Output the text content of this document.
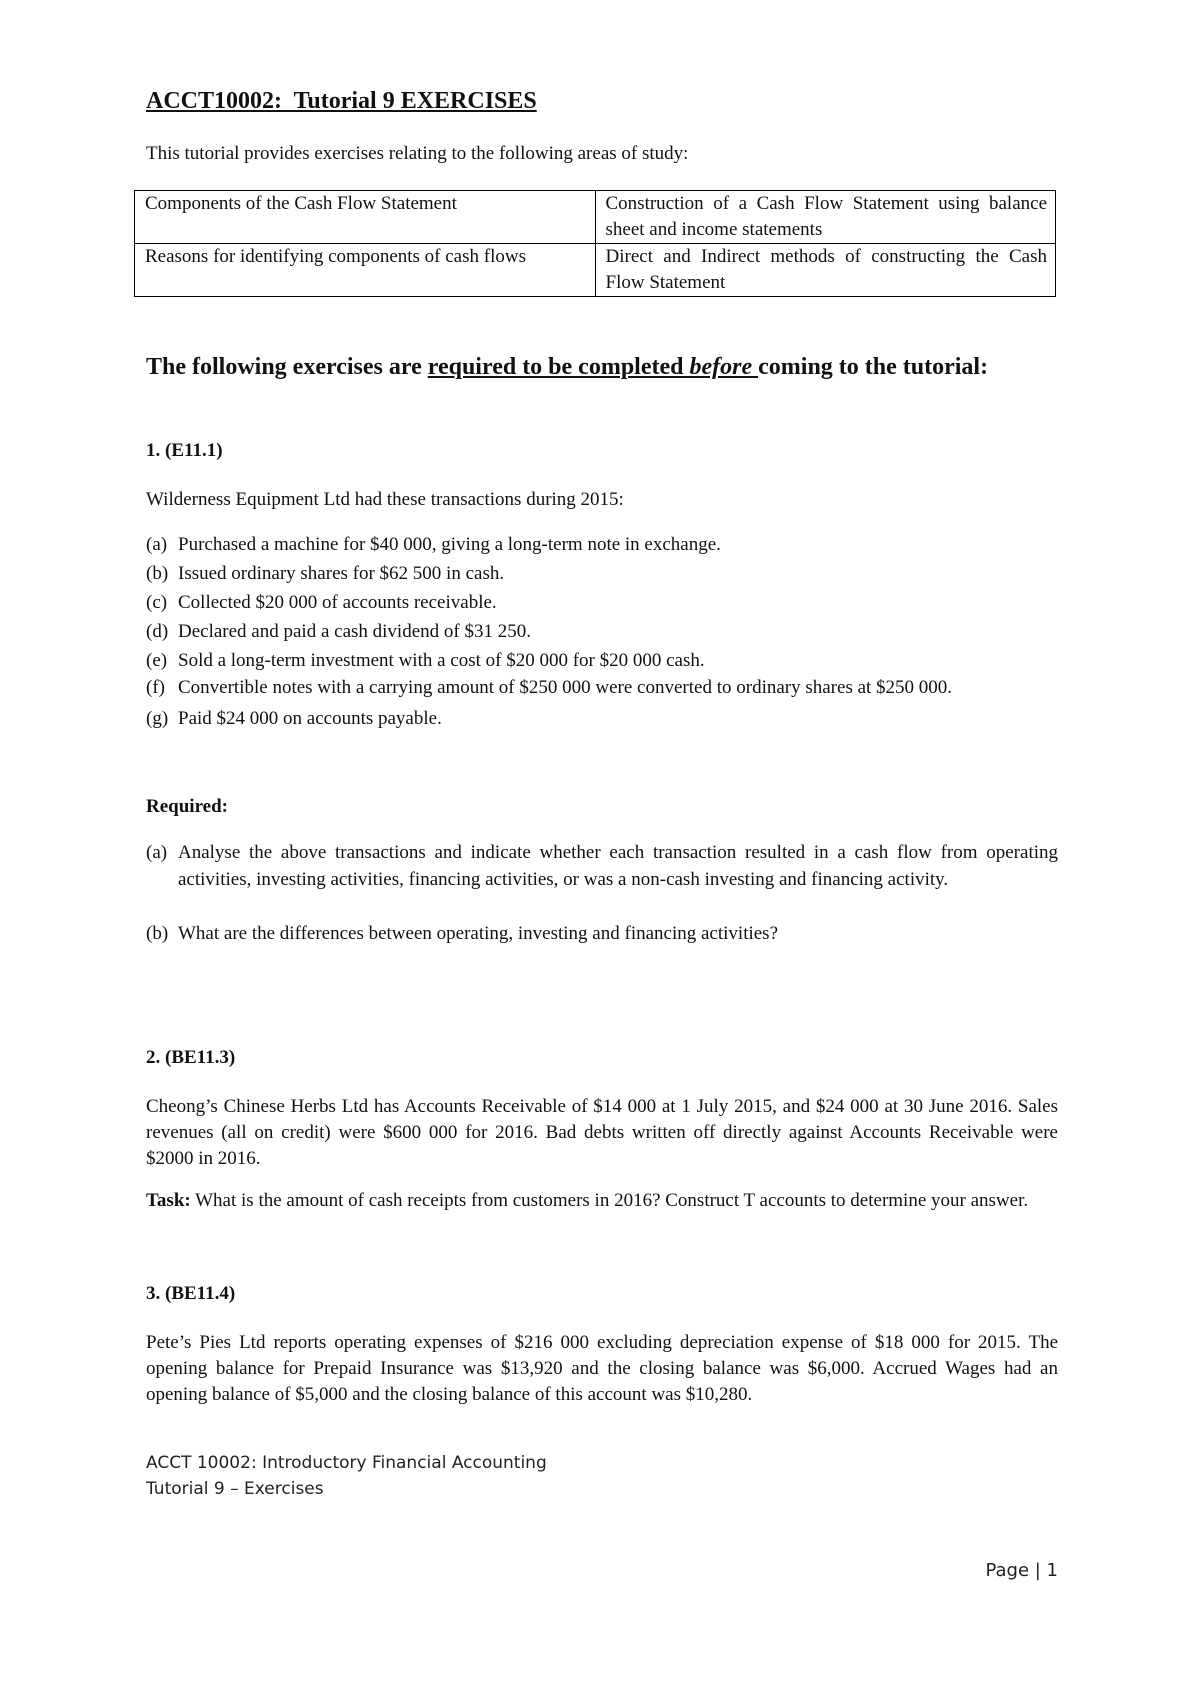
ACCT10002:  Tutorial 9 EXERCISES
This tutorial provides exercises relating to the following areas of study:
Components of the Cash Flow Statement	Construction of a Cash Flow Statement using balance sheet and income statements
Reasons for identifying components of cash flows	Direct and Indirect methods of constructing the Cash Flow Statement
The following exercises are required to be completed before coming to the tutorial:
1. (E11.1)
Wilderness Equipment Ltd had these transactions during 2015:
(a) Purchased a machine for $40 000, giving a long-term note in exchange.
(b) Issued ordinary shares for $62 500 in cash.
(c) Collected $20 000 of accounts receivable.
(d) Declared and paid a cash dividend of $31 250.
(e) Sold a long-term investment with a cost of $20 000 for $20 000 cash.
(f) Convertible notes with a carrying amount of $250 000 were converted to ordinary shares at $250 000.
(g) Paid $24 000 on accounts payable.
Required:
(a) Analyse the above transactions and indicate whether each transaction resulted in a cash flow from operating activities, investing activities, financing activities, or was a non-cash investing and financing activity.
(b) What are the differences between operating, investing and financing activities?
2. (BE11.3)
Cheong’s Chinese Herbs Ltd has Accounts Receivable of $14 000 at 1 July 2015, and $24 000 at 30 June 2016. Sales revenues (all on credit) were $600 000 for 2016. Bad debts written off directly against Accounts Receivable were $2000 in 2016.
Task: What is the amount of cash receipts from customers in 2016? Construct T accounts to determine your answer.
3. (BE11.4)
Pete’s Pies Ltd reports operating expenses of $216 000 excluding depreciation expense of $18 000 for 2015. The opening balance for Prepaid Insurance was $13,920 and the closing balance was $6,000. Accrued Wages had an opening balance of $5,000 and the closing balance of this account was $10,280.
Page | 1
ACCT 10002: Introductory Financial Accounting
Tutorial 9 – Exercises
